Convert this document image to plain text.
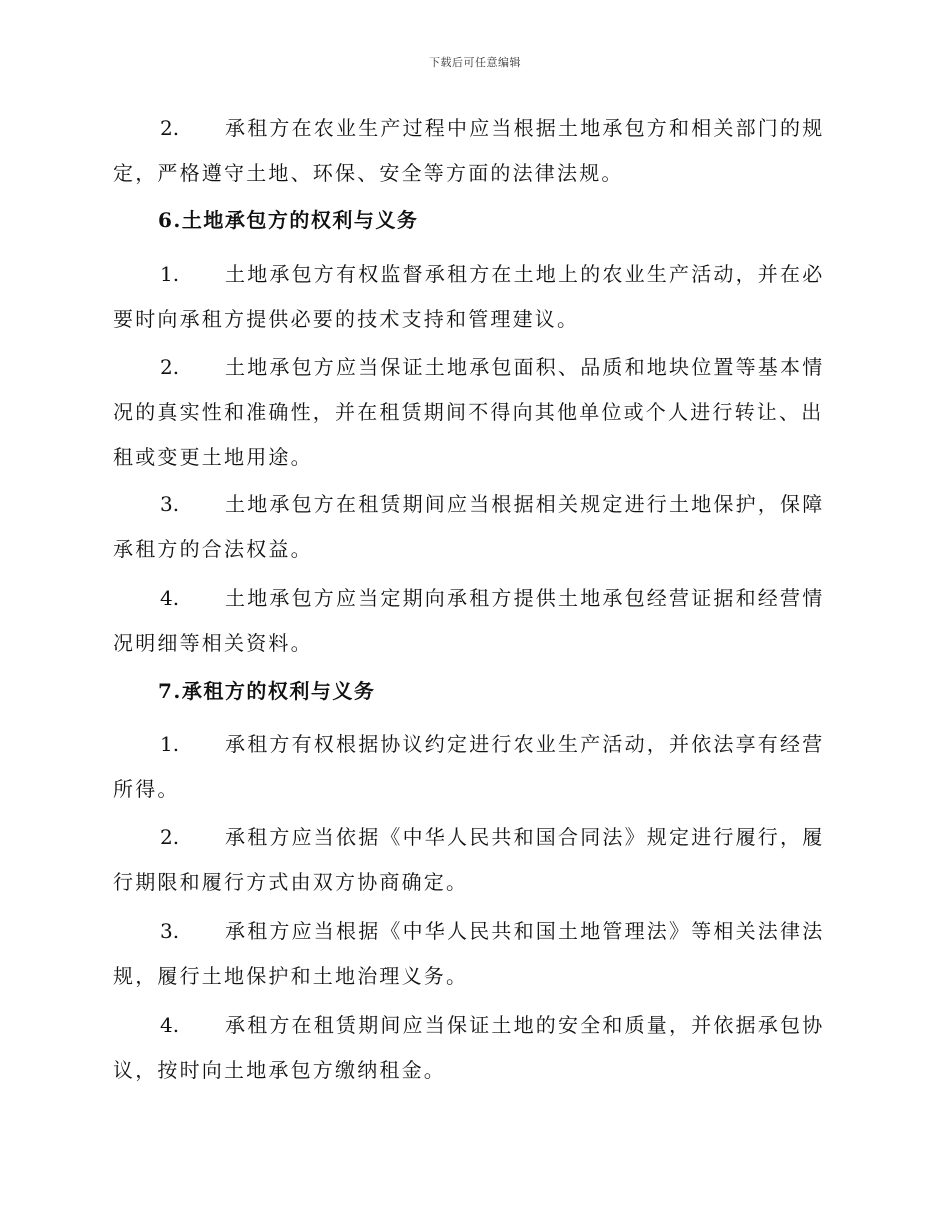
下载后可任意编辑

2. 承租方在农业生产过程中应当根据土地承包方和相关部门的规定，严格遵守土地、环保、安全等方面的法律法规。

6.土地承包方的权利与义务

1. 土地承包方有权监督承租方在土地上的农业生产活动，并在必要时向承租方提供必要的技术支持和管理建议。

2. 土地承包方应当保证土地承包面积、品质和地块位置等基本情况的真实性和准确性，并在租赁期间不得向其他单位或个人进行转让、出租或变更土地用途。

3. 土地承包方在租赁期间应当根据相关规定进行土地保护，保障承租方的合法权益。

4. 土地承包方应当定期向承租方提供土地承包经营证据和经营情况明细等相关资料。

7.承租方的权利与义务

1. 承租方有权根据协议约定进行农业生产活动，并依法享有经营所得。

2. 承租方应当依据《中华人民共和国合同法》规定进行履行，履行期限和履行方式由双方协商确定。

3. 承租方应当根据《中华人民共和国土地管理法》等相关法律法规，履行土地保护和土地治理义务。

4. 承租方在租赁期间应当保证土地的安全和质量，并依据承包协议，按时向土地承包方缴纳租金。
